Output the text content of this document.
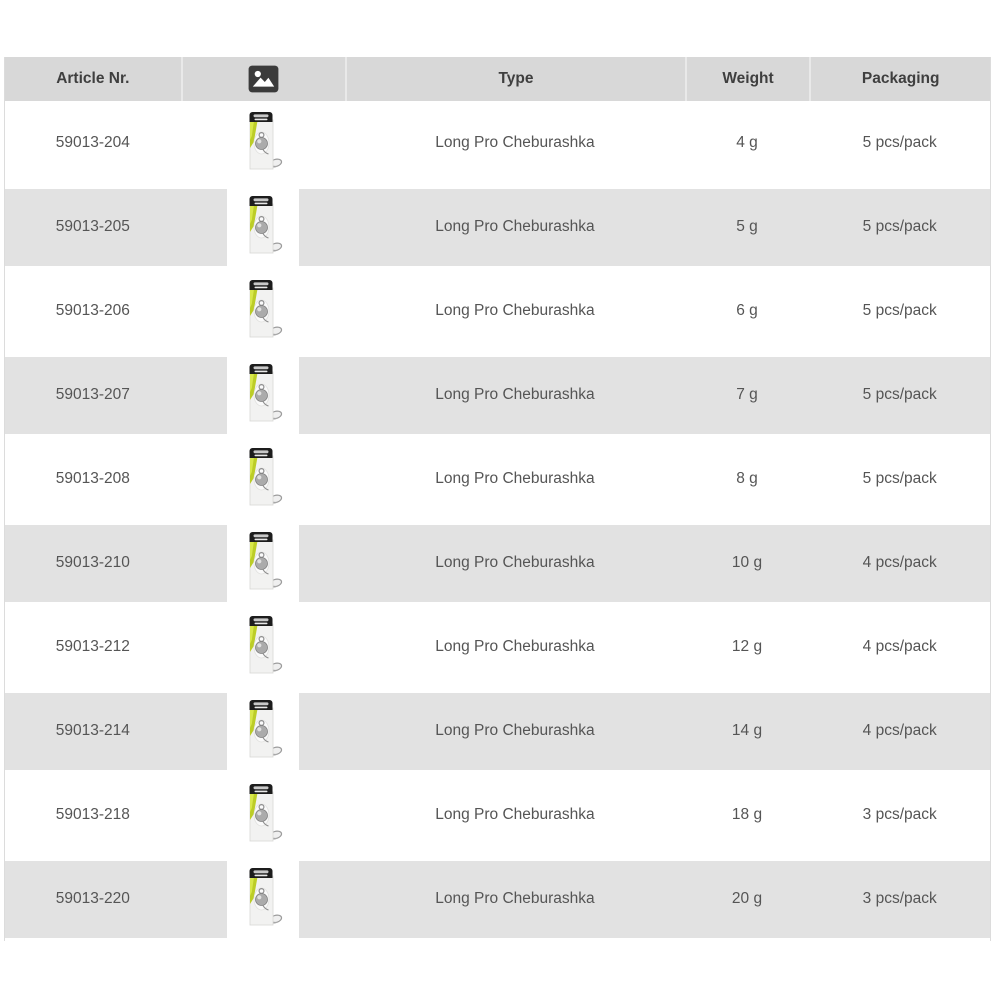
Article Nr.	Type	Weight	Packaging
59013-204	Long Pro Cheburashka	4 g	5 pcs/pack
59013-205	Long Pro Cheburashka	5 g	5 pcs/pack
59013-206	Long Pro Cheburashka	6 g	5 pcs/pack
59013-207	Long Pro Cheburashka	7 g	5 pcs/pack
59013-208	Long Pro Cheburashka	8 g	5 pcs/pack
59013-210	Long Pro Cheburashka	10 g	4 pcs/pack
59013-212	Long Pro Cheburashka	12 g	4 pcs/pack
59013-214	Long Pro Cheburashka	14 g	4 pcs/pack
59013-218	Long Pro Cheburashka	18 g	3 pcs/pack
59013-220	Long Pro Cheburashka	20 g	3 pcs/pack
